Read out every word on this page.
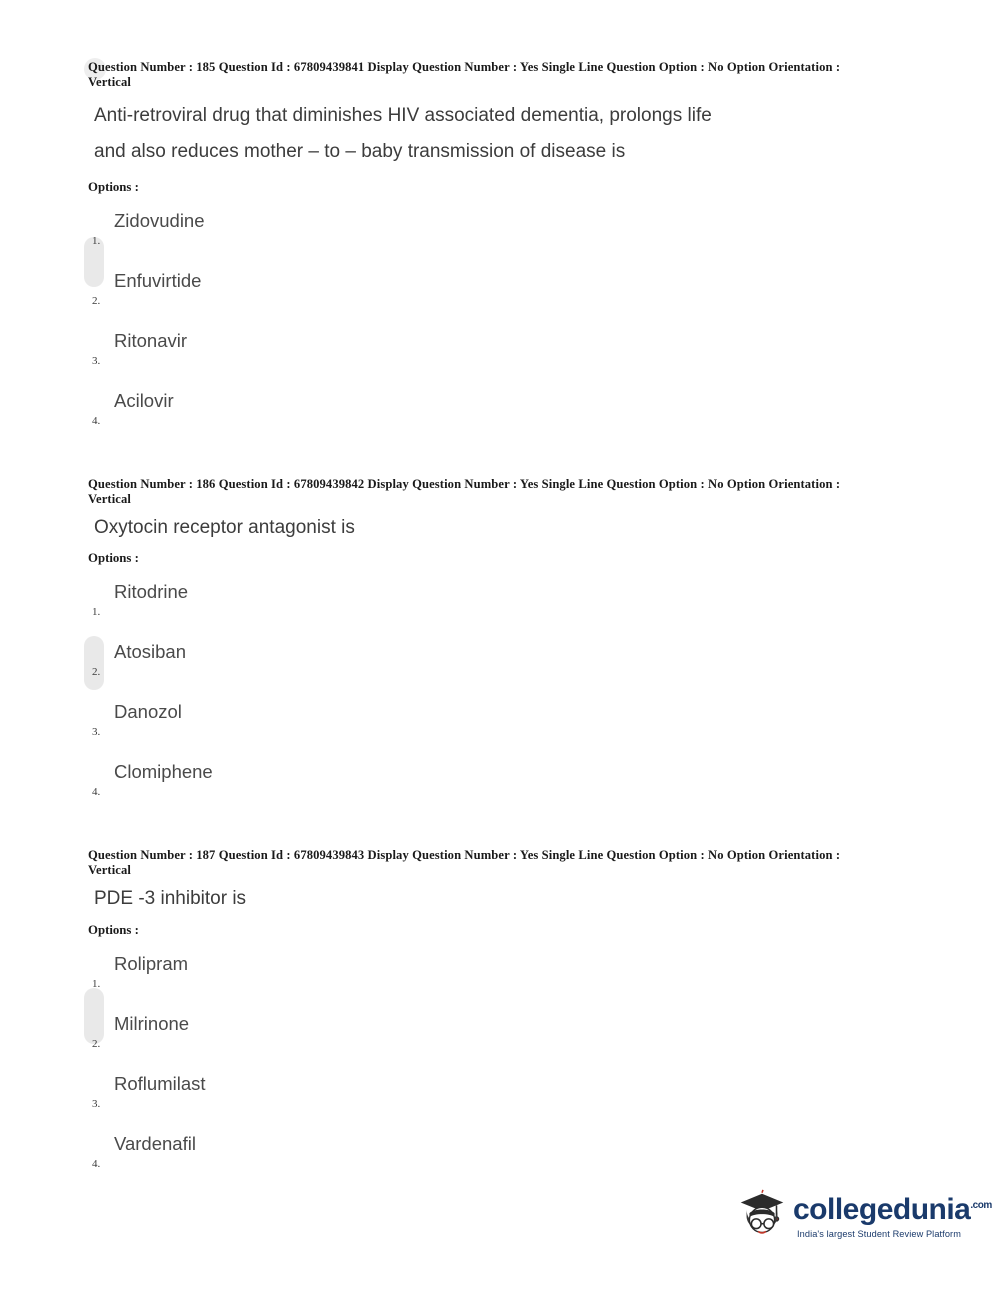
Question Number : 185 Question Id : 67809439841 Display Question Number : Yes Single Line Question Option : No Option Orientation : Vertical
Anti-retroviral drug that diminishes HIV associated dementia, prolongs life
and also reduces mother – to – baby transmission of disease is
Options :
1.
Zidovudine
2.
Enfuvirtide
3.
Ritonavir
4.
Acilovir
Question Number : 186 Question Id : 67809439842 Display Question Number : Yes Single Line Question Option : No Option Orientation : Vertical
Oxytocin receptor antagonist is
Options :
1.
Ritodrine
2.
Atosiban
3.
Danozol
4.
Clomiphene
Question Number : 187 Question Id : 67809439843 Display Question Number : Yes Single Line Question Option : No Option Orientation : Vertical
PDE -3 inhibitor is
Options :
1.
Rolipram
2.
Milrinone
3.
Roflumilast
4.
Vardenafil
collegedunia$^{.com}$
India's largest Student Review Platform
